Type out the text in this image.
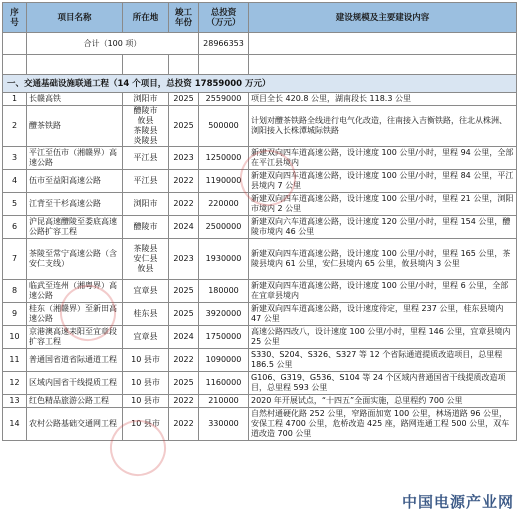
序
号	项目名称	所在地	竣工
年份	总投资
（万元）	建设规模及主要建设内容
	合计（100 项）			28966353	

一、交通基础设施联通工程（14 个项目，总投资 17859000 万元）					
1	长赣高铁	浏阳市	2025	2559000	项目全长 420.8 公里，湖南段长 118.3 公里
2	醴茶铁路	醴陵市
攸县
茶陵县
炎陵县	2025	500000	计划对醴茶铁路全线进行电气化改造，往南接入吉衡铁路，往北从株洲、浏阳接入长株潭城际铁路
3	平江至伍市（湘赣界）高速公路	平江县	2023	1250000	新建双向四车道高速公路，设计速度 100 公里/小时，里程 94 公里，全部在平江县境内
4	伍市至益阳高速公路	平江县	2022	1190000	新建双向四车道高速公路，设计速度 100 公里/小时，里程 84 公里，平江县境内 7 公里
5	江背至干杉高速公路	浏阳市	2022	220000	新建双向四车道高速公路，设计速度 100 公里/小时，里程 21 公里，浏阳市境内 2 公里
6	沪昆高速醴陵至娄底高速公路扩容工程	醴陵市	2024	2500000	新建双向六车道高速公路，设计速度 120 公里/小时，里程 154 公里，醴陵市境内 46 公里
7	茶陵至常宁高速公路（含安仁支线）	茶陵县
安仁县
攸县	2023	1930000	新建双向四车道高速公路，设计速度 100 公里/小时，里程 165 公里，茶陵县境内 61 公里，安仁县境内 65 公里，攸县境内 3 公里
8	临武至连州（湘粤界）高速公路	宜章县	2025	180000	新建双向四车道高速公路，设计速度 100 公里/小时，里程 6 公里，全部在宜章县境内
9	桂东（湘赣界）至新田高速公路	桂东县	2025	3920000	新建双向四车道高速公路，设计速度待定，里程 237 公里，桂东县境内 47 公里
10	京港澳高速耒阳至宜章段扩容工程	宜章县	2024	1750000	高速公路四改八，设计速度 100 公里/小时，里程 146 公里，宜章县境内 25 公里
11	普通国省道省际通道工程	10 县市	2022	1090000	S330、S204、S326、S327 等 12 个省际通道提质改造项目，总里程 186.5 公里
12	区域内国省干线提质工程	10 县市	2025	1160000	G106、G319、G536、S104 等 24 个区域内普通国省干线提质改造项目，总里程 593 公里
13	红色精品旅游公路工程	10 县市	2022	210000	2020 年开展试点，“十四五”全面实施，总里程约 700 公里
14	农村公路基础交通网工程	10 县市	2022	330000	自然村通硬化路 252 公里，窄路面加宽 100 公里，林场道路 96 公里，安保工程 4700 公里，危桥改造 425 座，路网连通工程 500 公里，双车道改造 700 公里
中国电源产业网
